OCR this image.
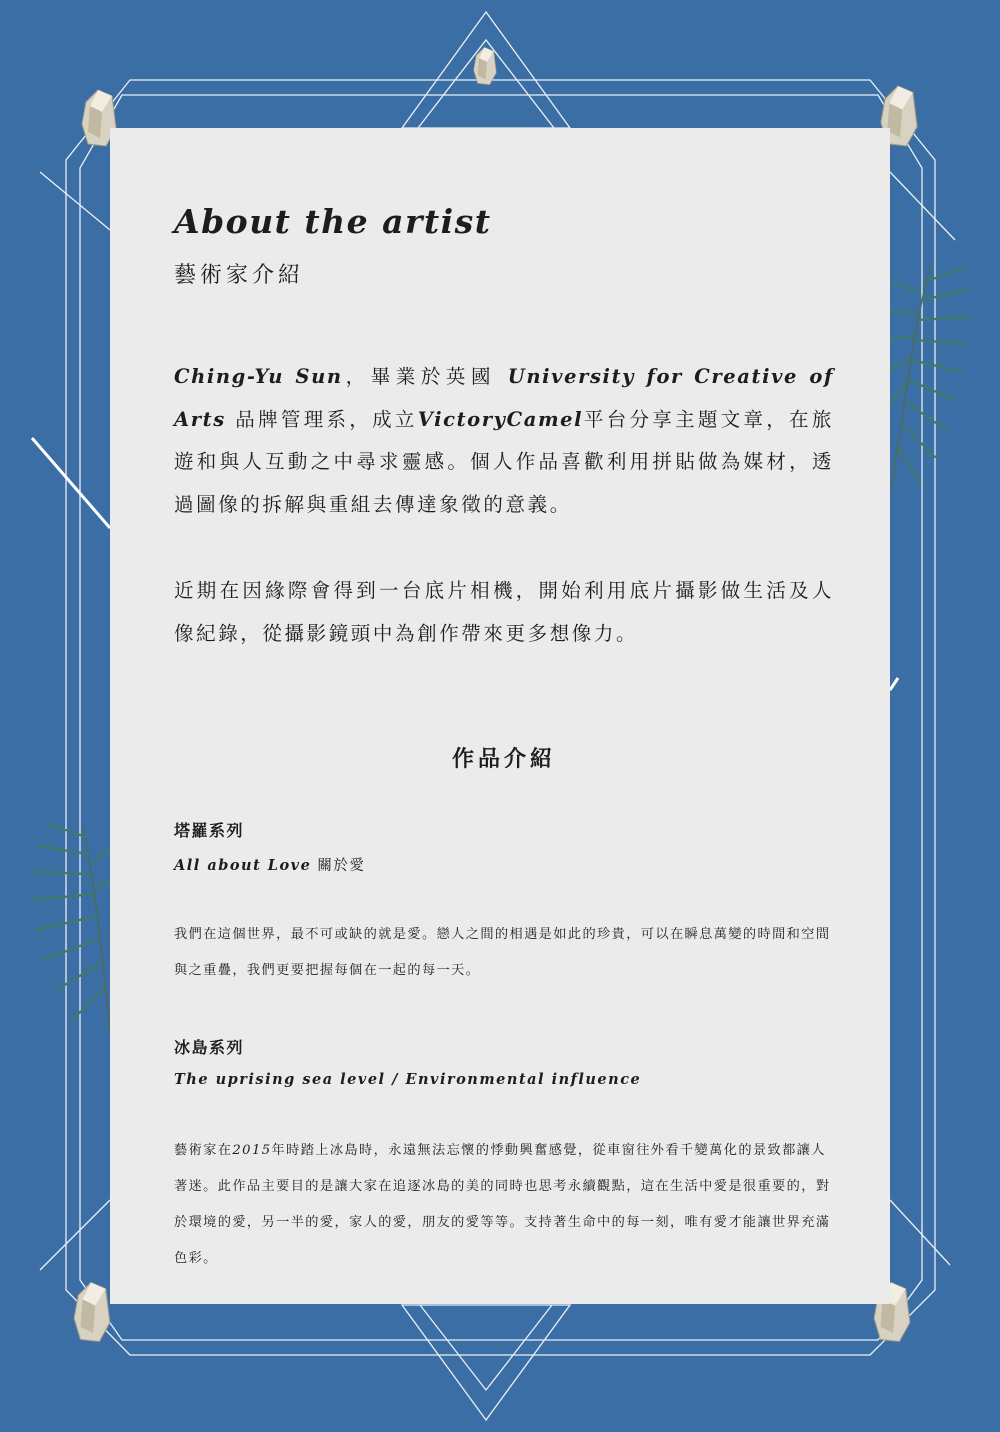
About the artist
藝術家介紹

Ching-Yu Sun，畢業於英國 University for Creative of Arts 品牌管理系，成立VictoryCamel平台分享主題文章，在旅遊和與人互動之中尋求靈感。個人作品喜歡利用拼貼做為媒材，透過圖像的拆解與重組去傳達象徵的意義。

近期在因緣際會得到一台底片相機，開始利用底片攝影做生活及人像紀錄，從攝影鏡頭中為創作帶來更多想像力。

作品介紹
塔羅系列
All about Love 關於愛

我們在這個世界，最不可或缺的就是愛。戀人之間的相遇是如此的珍貴，可以在瞬息萬變的時間和空間與之重疊，我們更要把握每個在一起的每一天。

冰島系列
The uprising sea level / Environmental influence

藝術家在2015年時踏上冰島時，永遠無法忘懷的悸動興奮感覺，從車窗往外看千變萬化的景致都讓人著迷。此作品主要目的是讓大家在追逐冰島的美的同時也思考永續觀點，這在生活中愛是很重要的，對於環境的愛，另一半的愛，家人的愛，朋友的愛等等。支持著生命中的每一刻，唯有愛才能讓世界充滿色彩。
